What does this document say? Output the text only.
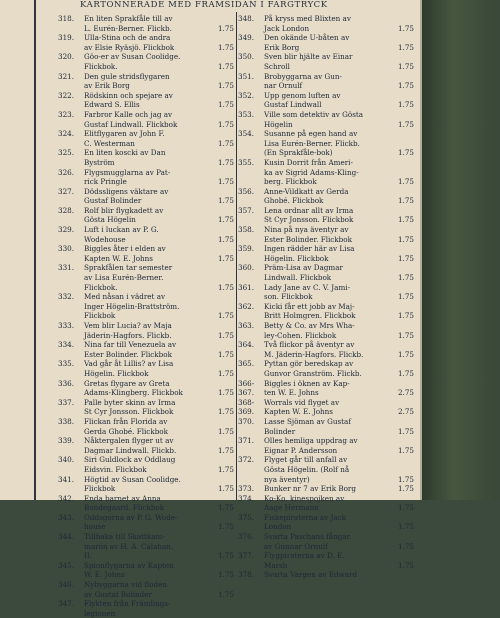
KARTONNERADE MED FRAMSIDAN I FÄRGTRYCK
318.	En liten Sprakfåle till av
L. Eurén-Berner. Flickb.	1.75
319.	Ulla-Stina och de andra
av Elsie Ryäsjö. Flickbok	1.75
320.	Göo-er av Susan Coolidge.
Flickbok.	1.75
321.	Den gule stridsflygaren
av Erik Borg	1.75
322.	Rödskinn och spejare av
Edward S. Ellis	1.75
323.	Farbror Kalle och jag av
Gustaf Lindwall. Flickbok	1.75
324.	Elitflygaren av John F.
C. Westerman	1.75
325.	En liten koscki av Dan
Byström	1.75
326.	Flygsmugglarna av Pat-
rick Pringle	1.75
327.	Dödssligens väktare av
Gustaf Bolinder	1.75
328.	Rolf blir flygkadett av
Gösta Högelin	1.75
329.	Luft i luckan av P. G.
Wodehouse	1.75
330.	Biggles åter i elden av
Kapten W. E. Johns	1.75
331.	Sprakfålen tar semester
av Lisa Eurén-Berner.
Flickbok.	1.75
332.	Med nåsan i vädret av
Inger Högelin-Brattström.
Flickbok	1.75
333.	Vem blir Lucia? av Maja
Jäderin-Hagfors. Flickb.	1.75
334.	Nina far till Venezuela av
Ester Bolinder. Flickbok	1.75
335.	Vad går åt Lillis? av Lisa
Högelin. Flickbok	1.75
336.	Gretas flygare av Greta
Adams-Klingberg. Flickbok	1.75
337.	Palle byter skinn av Irma
St Cyr Jonsson. Flickbok	1.75
338.	Flickan från Florida av
Gerda Ghobé. Flickbok	1.75
339.	Nåktergalen flyger ut av
Dagmar Lindwall. Flickb.	1.75
340.	Siri Guldlock av Oddlaug
Eidsvin. Flickbok	1.75
341.	Högtid av Susan Coolidge.
Flickbok	1.75
342.	Enda barnet av Anna
Bondegaard. Flickbok	1.75
343.	Oddsgorna av P. G. Wode-
house	1.75
344.	Tillbaka till Skattkam-
marön av H. A. Calahan.
II.	1.75
345.	Spionflygarna av Kapten
W. E. Johns	1.75
346.	Nybyggarna vid floden
av Gustaf Bolinder	1.75
347.	Flykten från Främlings-
legionen
348.	På kryss med Blixten av
Jack London	1.75
349.	Den okände U-båten av
Erik Borg	1.75
350.	Sven blir hjälte av Einar
Schroll	1.75
351.	Brobyggarna av Gun-
nar Ornulf	1.75
352.	Upp genom luften av
Gustaf Lindwall	1.75
353.	Ville som detektiv av Gösta
Högelin	1.75
354.	Susanne på egen hand av
Lisa Eurén-Berner. Flickb.
(En Sprakfåle-bok)	1.75
355.	Kusin Dorrit från Ameri-
ka av Sigrid Adams-Kling-
berg. Flickbok	1.75
356.	Anne-Vildkatt av Gerda
Ghobé. Flickbok	1.75
357.	Lena ordnar allt av Irma
St Cyr Jonsson. Flickbok	1.75
358.	Nina på nya äventyr av
Ester Bolinder. Flickbok	1.75
359.	Ingen rädder här av Lisa
Högelin. Flickbok	1.75
360.	Präm-Lisa av Dagmar
Lindwall. Flickbok	1.75
361.	Lady Jane av C. V. Jami-
son. Flickbok	1.75
362.	Kicki får ett jobb av Maj-
Britt Holmgren. Flickbok	1.75
363.	Betty & Co. av Mrs Wha-
ley-Cohen. Flickbok	1.75
364.	Två flickor på äventyr av
M. Jäderin-Hagfors. Flickb.	1.75
365.	Pyttan gör beredskap av
Gunvor Granström. Flickb.	1.75
366-367.
Biggles i öknen av Kap-
ten W. E. Johns	2.75
368-369.
Worrals vid flyget av
Kapten W. E. Johns	2.75
370.	Lasse Sjöman av Gustaf
Bolinder	1.75
371.	Olles hemliga uppdrag av
Eignar P. Andersson	1.75
372.	Flyget går till anfall av
Gösta Högelin. (Rolf nå
nya äventyr)	1.75
373.	Bunker nr 7 av Erik Borg	1.75
374.	Ko-Ko, kinespojken av
Aage Hermann	1.75
375.	Fiskepiraterna av Jack
London	1.75
376.	Svarta Paschans fångar
av Gunnar Ornulf	1.75
377.	Flygpiraterna av D. E.
Marsh	1.75
378.	Svarta Vargen av Edward
